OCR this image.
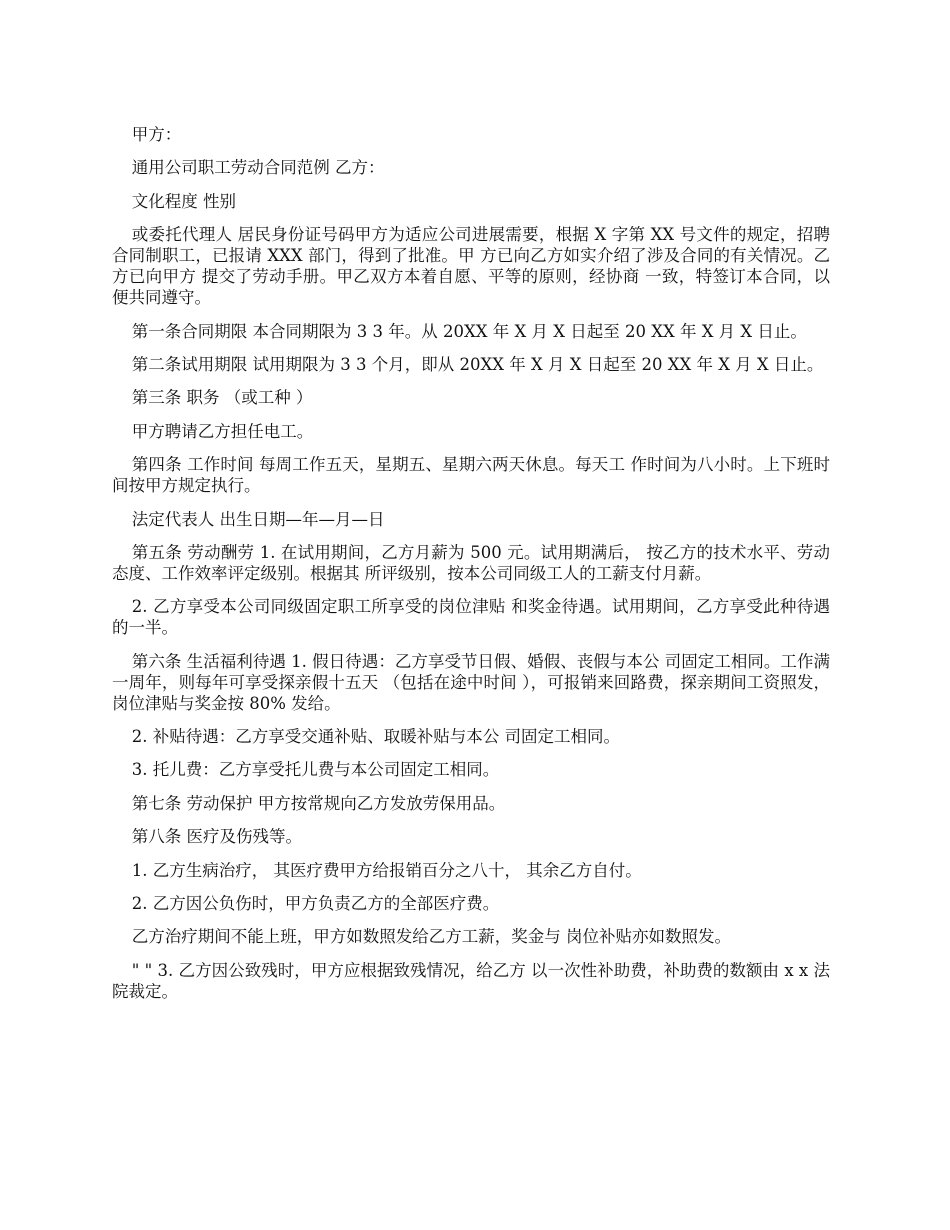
甲方：

通用公司职工劳动合同范例 乙方：

文化程度 性别

或委托代理人 居民身份证号码甲方为适应公司进展需要，根据 X 字第 XX 号文件的规定，招聘合同制职工，已报请 XXX 部门，得到了批准。甲 方已向乙方如实介绍了涉及合同的有关情况。乙方已向甲方 提交了劳动手册。甲乙双方本着自愿、平等的原则，经协商 一致，特签订本合同，以便共同遵守。

第一条合同期限 本合同期限为 3 3 年。从 20XX 年 X 月 X 日起至 20 XX 年 X 月 X 日止。

第二条试用期限 试用期限为 3 3 个月，即从 20XX 年 X 月 X 日起至 20 XX 年 X 月 X 日止。

第三条 职务 （或工种 ）

甲方聘请乙方担任电工。

第四条 工作时间 每周工作五天，星期五、星期六两天休息。每天工 作时间为八小时。上下班时间按甲方规定执行。

法定代表人 出生日期—年—月—日

第五条 劳动酬劳 1. 在试用期间，乙方月薪为 500 元。试用期满后， 按乙方的技术水平、劳动态度、工作效率评定级别。根据其 所评级别，按本公司同级工人的工薪支付月薪。

2. 乙方享受本公司同级固定职工所享受的岗位津贴 和奖金待遇。试用期间，乙方享受此种待遇的一半。

第六条 生活福利待遇 1. 假日待遇：乙方享受节日假、婚假、丧假与本公 司固定工相同。工作满一周年，则每年可享受探亲假十五天 （包括在途中时间 ），可报销来回路费，探亲期间工资照发， 岗位津贴与奖金按 80% 发给。

2. 补贴待遇：乙方享受交通补贴、取暖补贴与本公 司固定工相同。

3. 托儿费：乙方享受托儿费与本公司固定工相同。

第七条 劳动保护 甲方按常规向乙方发放劳保用品。

第八条 医疗及伤残等。

1. 乙方生病治疗， 其医疗费甲方给报销百分之八十， 其余乙方自付。

2. 乙方因公负伤时，甲方负责乙方的全部医疗费。

乙方治疗期间不能上班，甲方如数照发给乙方工薪，奖金与 岗位补贴亦如数照发。

" " 3. 乙方因公致残时，甲方应根据致残情况，给乙方 以一次性补助费，补助费的数额由 x x 法院裁定。
